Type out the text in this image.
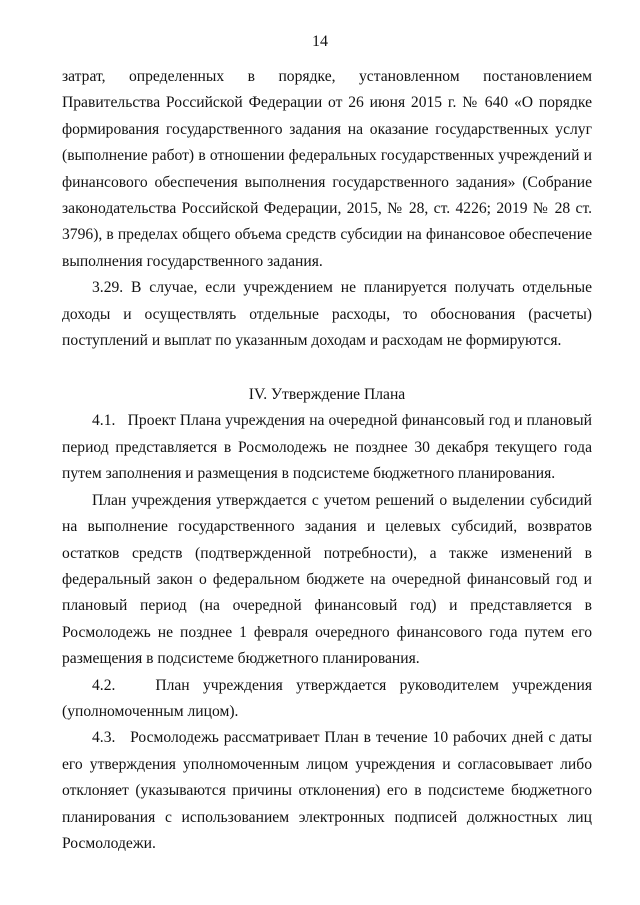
14

затрат, определенных в порядке, установленном постановлением Правительства Российской Федерации от 26 июня 2015 г. № 640 «О порядке формирования государственного задания на оказание государственных услуг (выполнение работ) в отношении федеральных государственных учреждений и финансового обеспечения выполнения государственного задания» (Собрание законодательства Российской Федерации, 2015, № 28, ст. 4226; 2019 № 28 ст. 3796), в пределах общего объема средств субсидии на финансовое обеспечение выполнения государственного задания.

3.29. В случае, если учреждением не планируется получать отдельные доходы и осуществлять отдельные расходы, то обоснования (расчеты) поступлений и выплат по указанным доходам и расходам не формируются.

IV. Утверждение Плана

4.1.   Проект Плана учреждения на очередной финансовый год и плановый период представляется в Росмолодежь не позднее 30 декабря текущего года путем заполнения и размещения в подсистеме бюджетного планирования.

План учреждения утверждается с учетом решений о выделении субсидий на выполнение государственного задания и целевых субсидий, возвратов остатков средств (подтвержденной потребности), а также изменений в федеральный закон о федеральном бюджете на очередной финансовый год и плановый период (на очередной финансовый год) и представляется в Росмолодежь не позднее 1 февраля очередного финансового года путем его размещения в подсистеме бюджетного планирования.

4.2.   План учреждения утверждается руководителем учреждения (уполномоченным лицом).

4.3.   Росмолодежь рассматривает План в течение 10 рабочих дней с даты его утверждения уполномоченным лицом учреждения и согласовывает либо отклоняет (указываются причины отклонения) его в подсистеме бюджетного планирования с использованием электронных подписей должностных лиц Росмолодежи.
